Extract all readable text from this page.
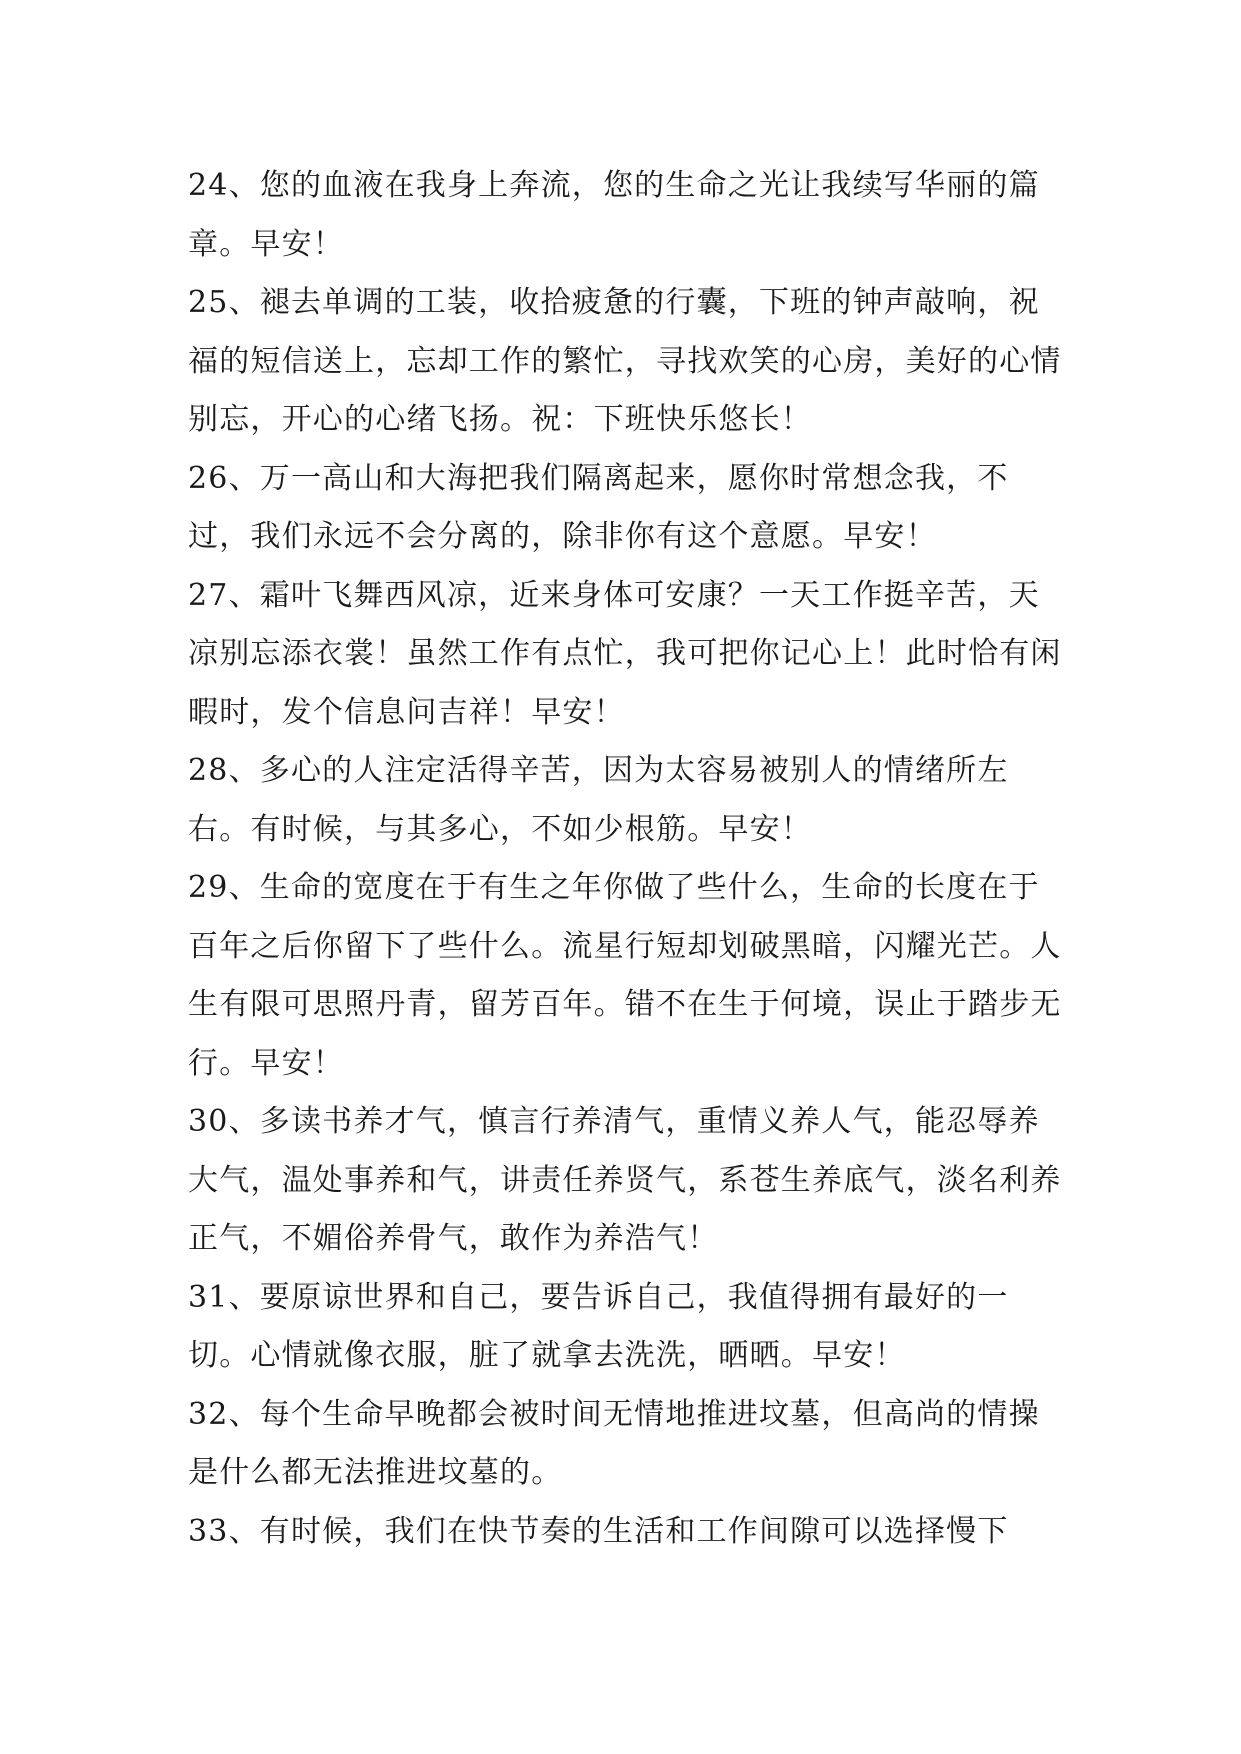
24、您的血液在我身上奔流，您的生命之光让我续写华丽的篇章。早安！

25、褪去单调的工装，收拾疲惫的行囊，下班的钟声敲响，祝福的短信送上，忘却工作的繁忙，寻找欢笑的心房，美好的心情别忘，开心的心绪飞扬。祝：下班快乐悠长！

26、万一高山和大海把我们隔离起来，愿你时常想念我，不过，我们永远不会分离的，除非你有这个意愿。早安！

27、霜叶飞舞西风凉，近来身体可安康？一天工作挺辛苦，天凉别忘添衣裳！虽然工作有点忙，我可把你记心上！此时恰有闲暇时，发个信息问吉祥！早安！

28、多心的人注定活得辛苦，因为太容易被别人的情绪所左右。有时候，与其多心，不如少根筋。早安！

29、生命的宽度在于有生之年你做了些什么，生命的长度在于百年之后你留下了些什么。流星行短却划破黑暗，闪耀光芒。人生有限可思照丹青，留芳百年。错不在生于何境，误止于踏步无行。早安！

30、多读书养才气，慎言行养清气，重情义养人气，能忍辱养大气，温处事养和气，讲责任养贤气，系苍生养底气，淡名利养正气，不媚俗养骨气，敢作为养浩气！

31、要原谅世界和自己，要告诉自己，我值得拥有最好的一切。心情就像衣服，脏了就拿去洗洗，晒晒。早安！

32、每个生命早晚都会被时间无情地推进坟墓，但高尚的情操是什么都无法推进坟墓的。

33、有时候，我们在快节奏的生活和工作间隙可以选择慢下
